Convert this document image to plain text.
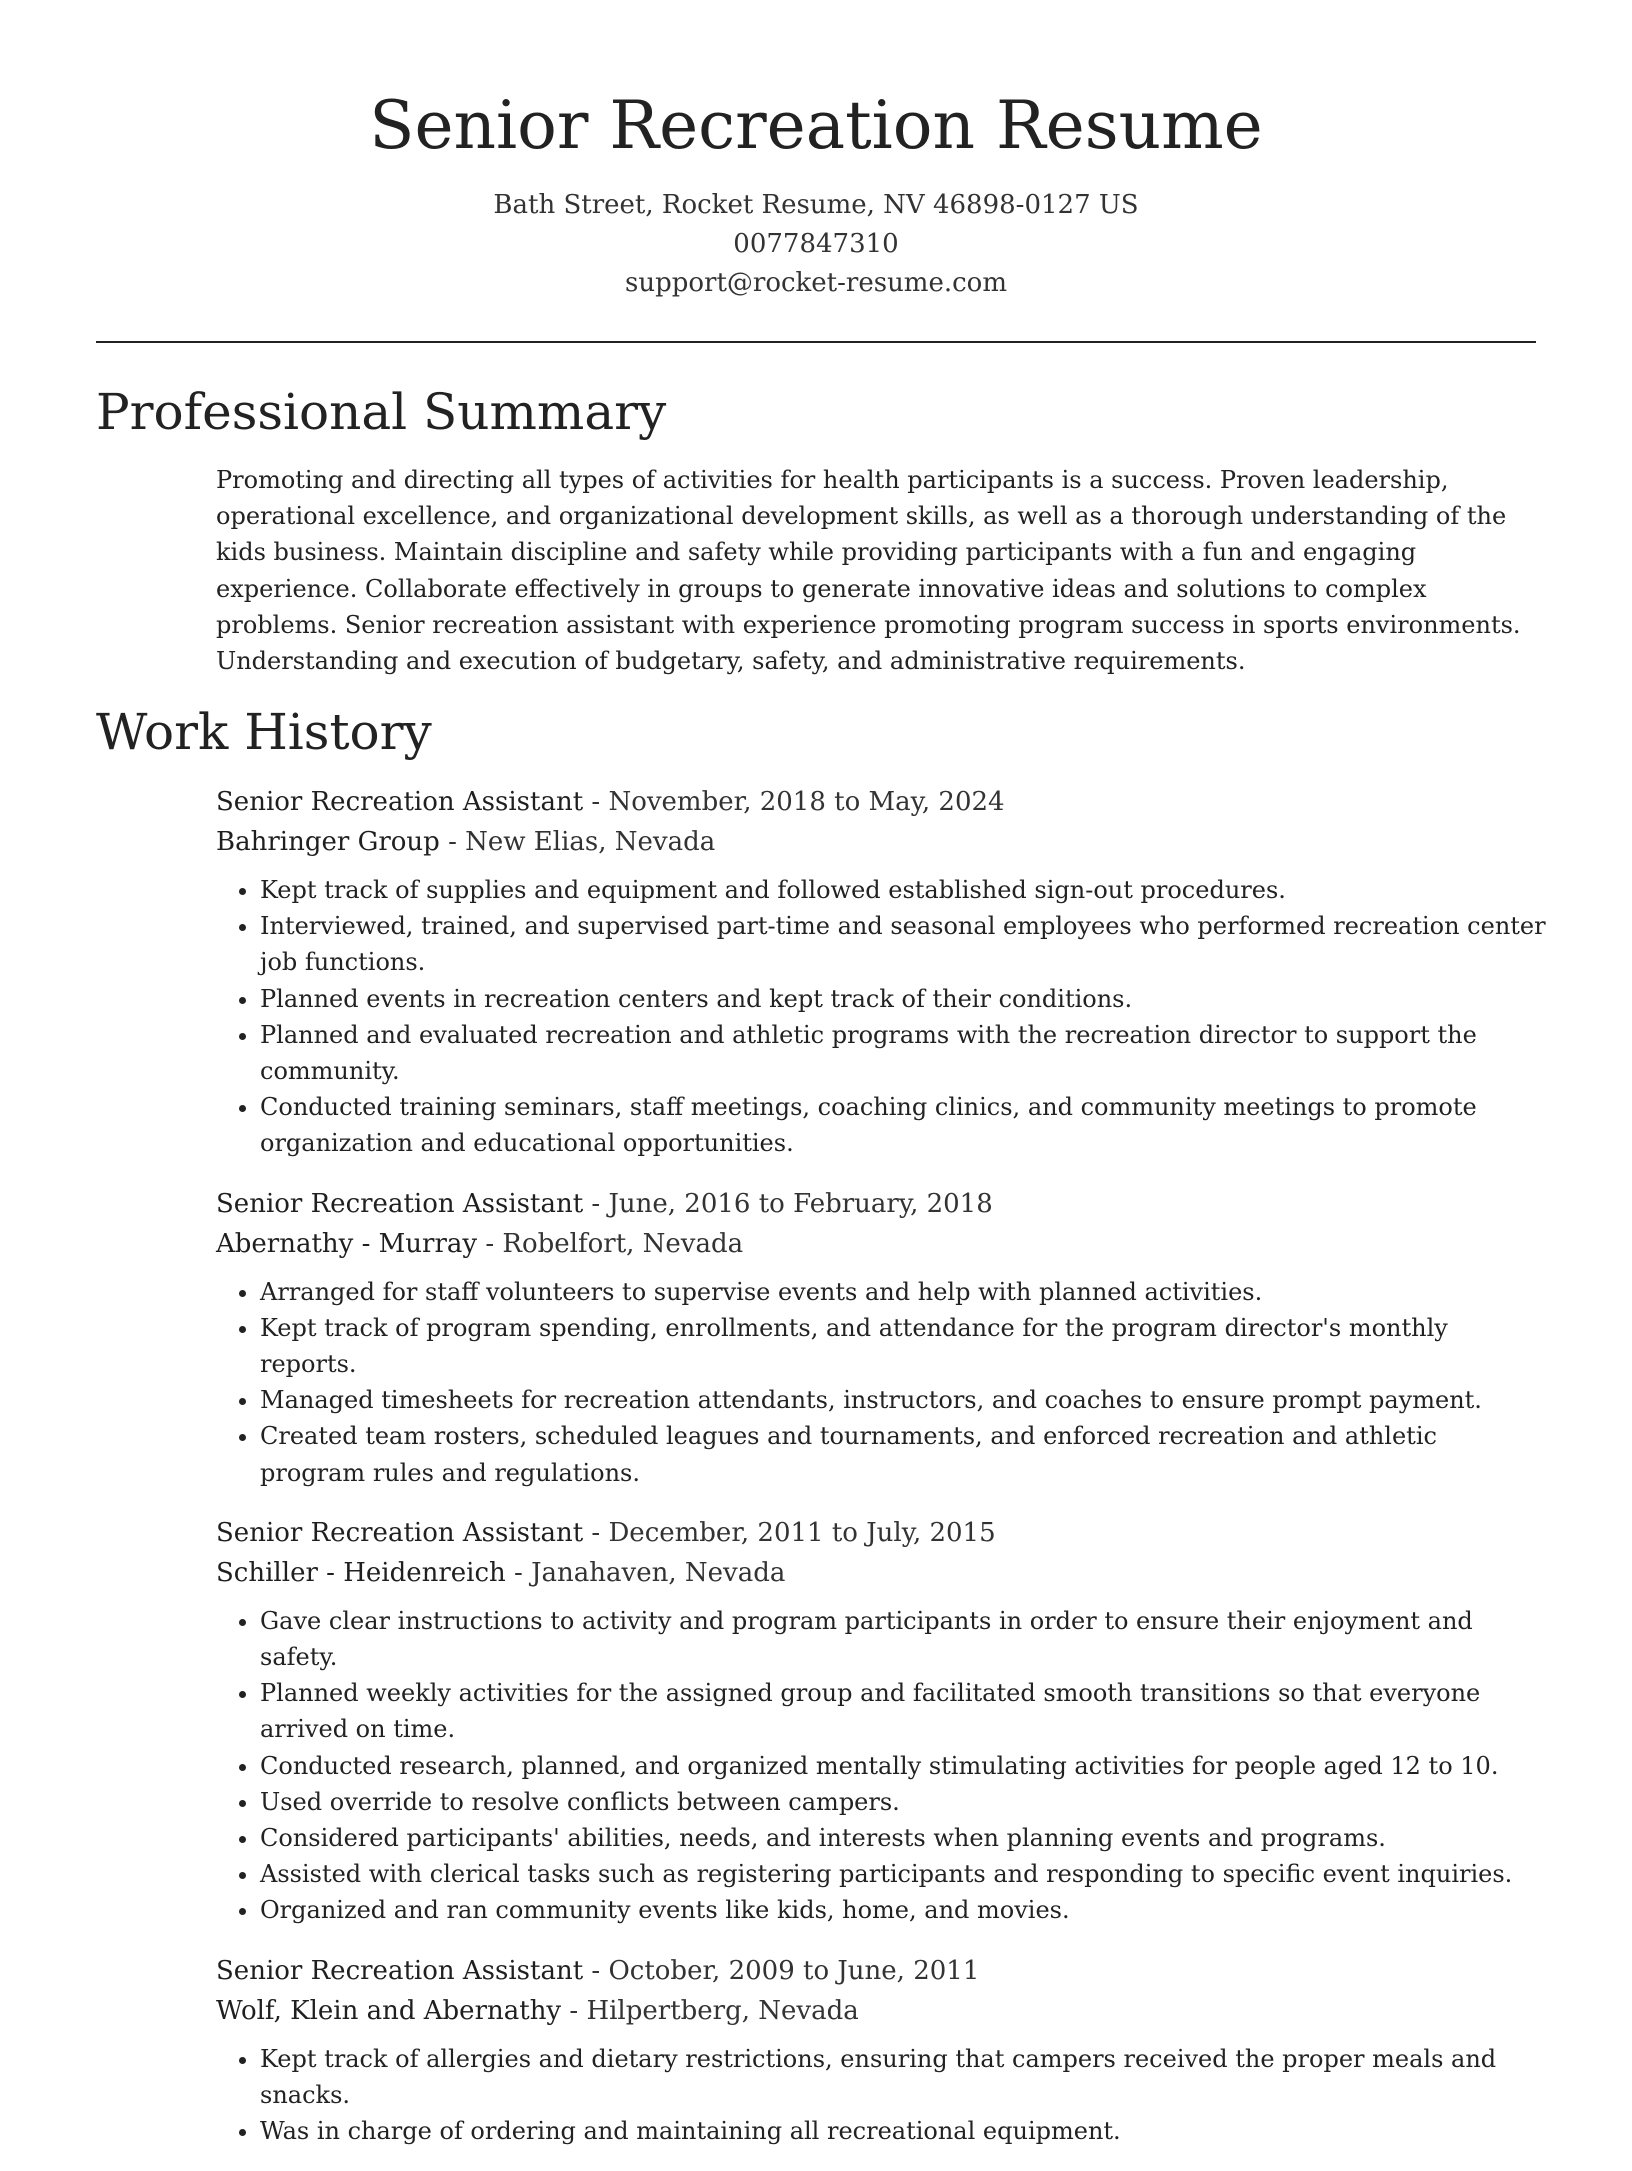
Senior Recreation Resume
Bath Street, Rocket Resume, NV 46898-0127 US
0077847310
support@rocket-resume.com
Professional Summary

Promoting and directing all types of activities for health participants is a success. Proven leadership, operational excellence, and organizational development skills, as well as a thorough understanding of the kids business. Maintain discipline and safety while providing participants with a fun and engaging experience. Collaborate effectively in groups to generate innovative ideas and solutions to complex problems. Senior recreation assistant with experience promoting program success in sports environments. Understanding and execution of budgetary, safety, and administrative requirements.

Work History
Senior Recreation Assistant - November, 2018 to May, 2024
Bahringer Group - New Elias, Nevada
• Kept track of supplies and equipment and followed established sign-out procedures.
• Interviewed, trained, and supervised part-time and seasonal employees who performed recreation center job functions.
• Planned events in recreation centers and kept track of their conditions.
• Planned and evaluated recreation and athletic programs with the recreation director to support the community.
• Conducted training seminars, staff meetings, coaching clinics, and community meetings to promote organization and educational opportunities.
Senior Recreation Assistant - June, 2016 to February, 2018
Abernathy - Murray - Robelfort, Nevada
• Arranged for staff volunteers to supervise events and help with planned activities.
• Kept track of program spending, enrollments, and attendance for the program director's monthly reports.
• Managed timesheets for recreation attendants, instructors, and coaches to ensure prompt payment.
• Created team rosters, scheduled leagues and tournaments, and enforced recreation and athletic program rules and regulations.
Senior Recreation Assistant - December, 2011 to July, 2015
Schiller - Heidenreich - Janahaven, Nevada
• Gave clear instructions to activity and program participants in order to ensure their enjoyment and safety.
• Planned weekly activities for the assigned group and facilitated smooth transitions so that everyone arrived on time.
• Conducted research, planned, and organized mentally stimulating activities for people aged 12 to 10.
• Used override to resolve conflicts between campers.
• Considered participants' abilities, needs, and interests when planning events and programs.
• Assisted with clerical tasks such as registering participants and responding to specific event inquiries.
• Organized and ran community events like kids, home, and movies.
Senior Recreation Assistant - October, 2009 to June, 2011
Wolf, Klein and Abernathy - Hilpertberg, Nevada
• Kept track of allergies and dietary restrictions, ensuring that campers received the proper meals and snacks.
• Was in charge of ordering and maintaining all recreational equipment.
